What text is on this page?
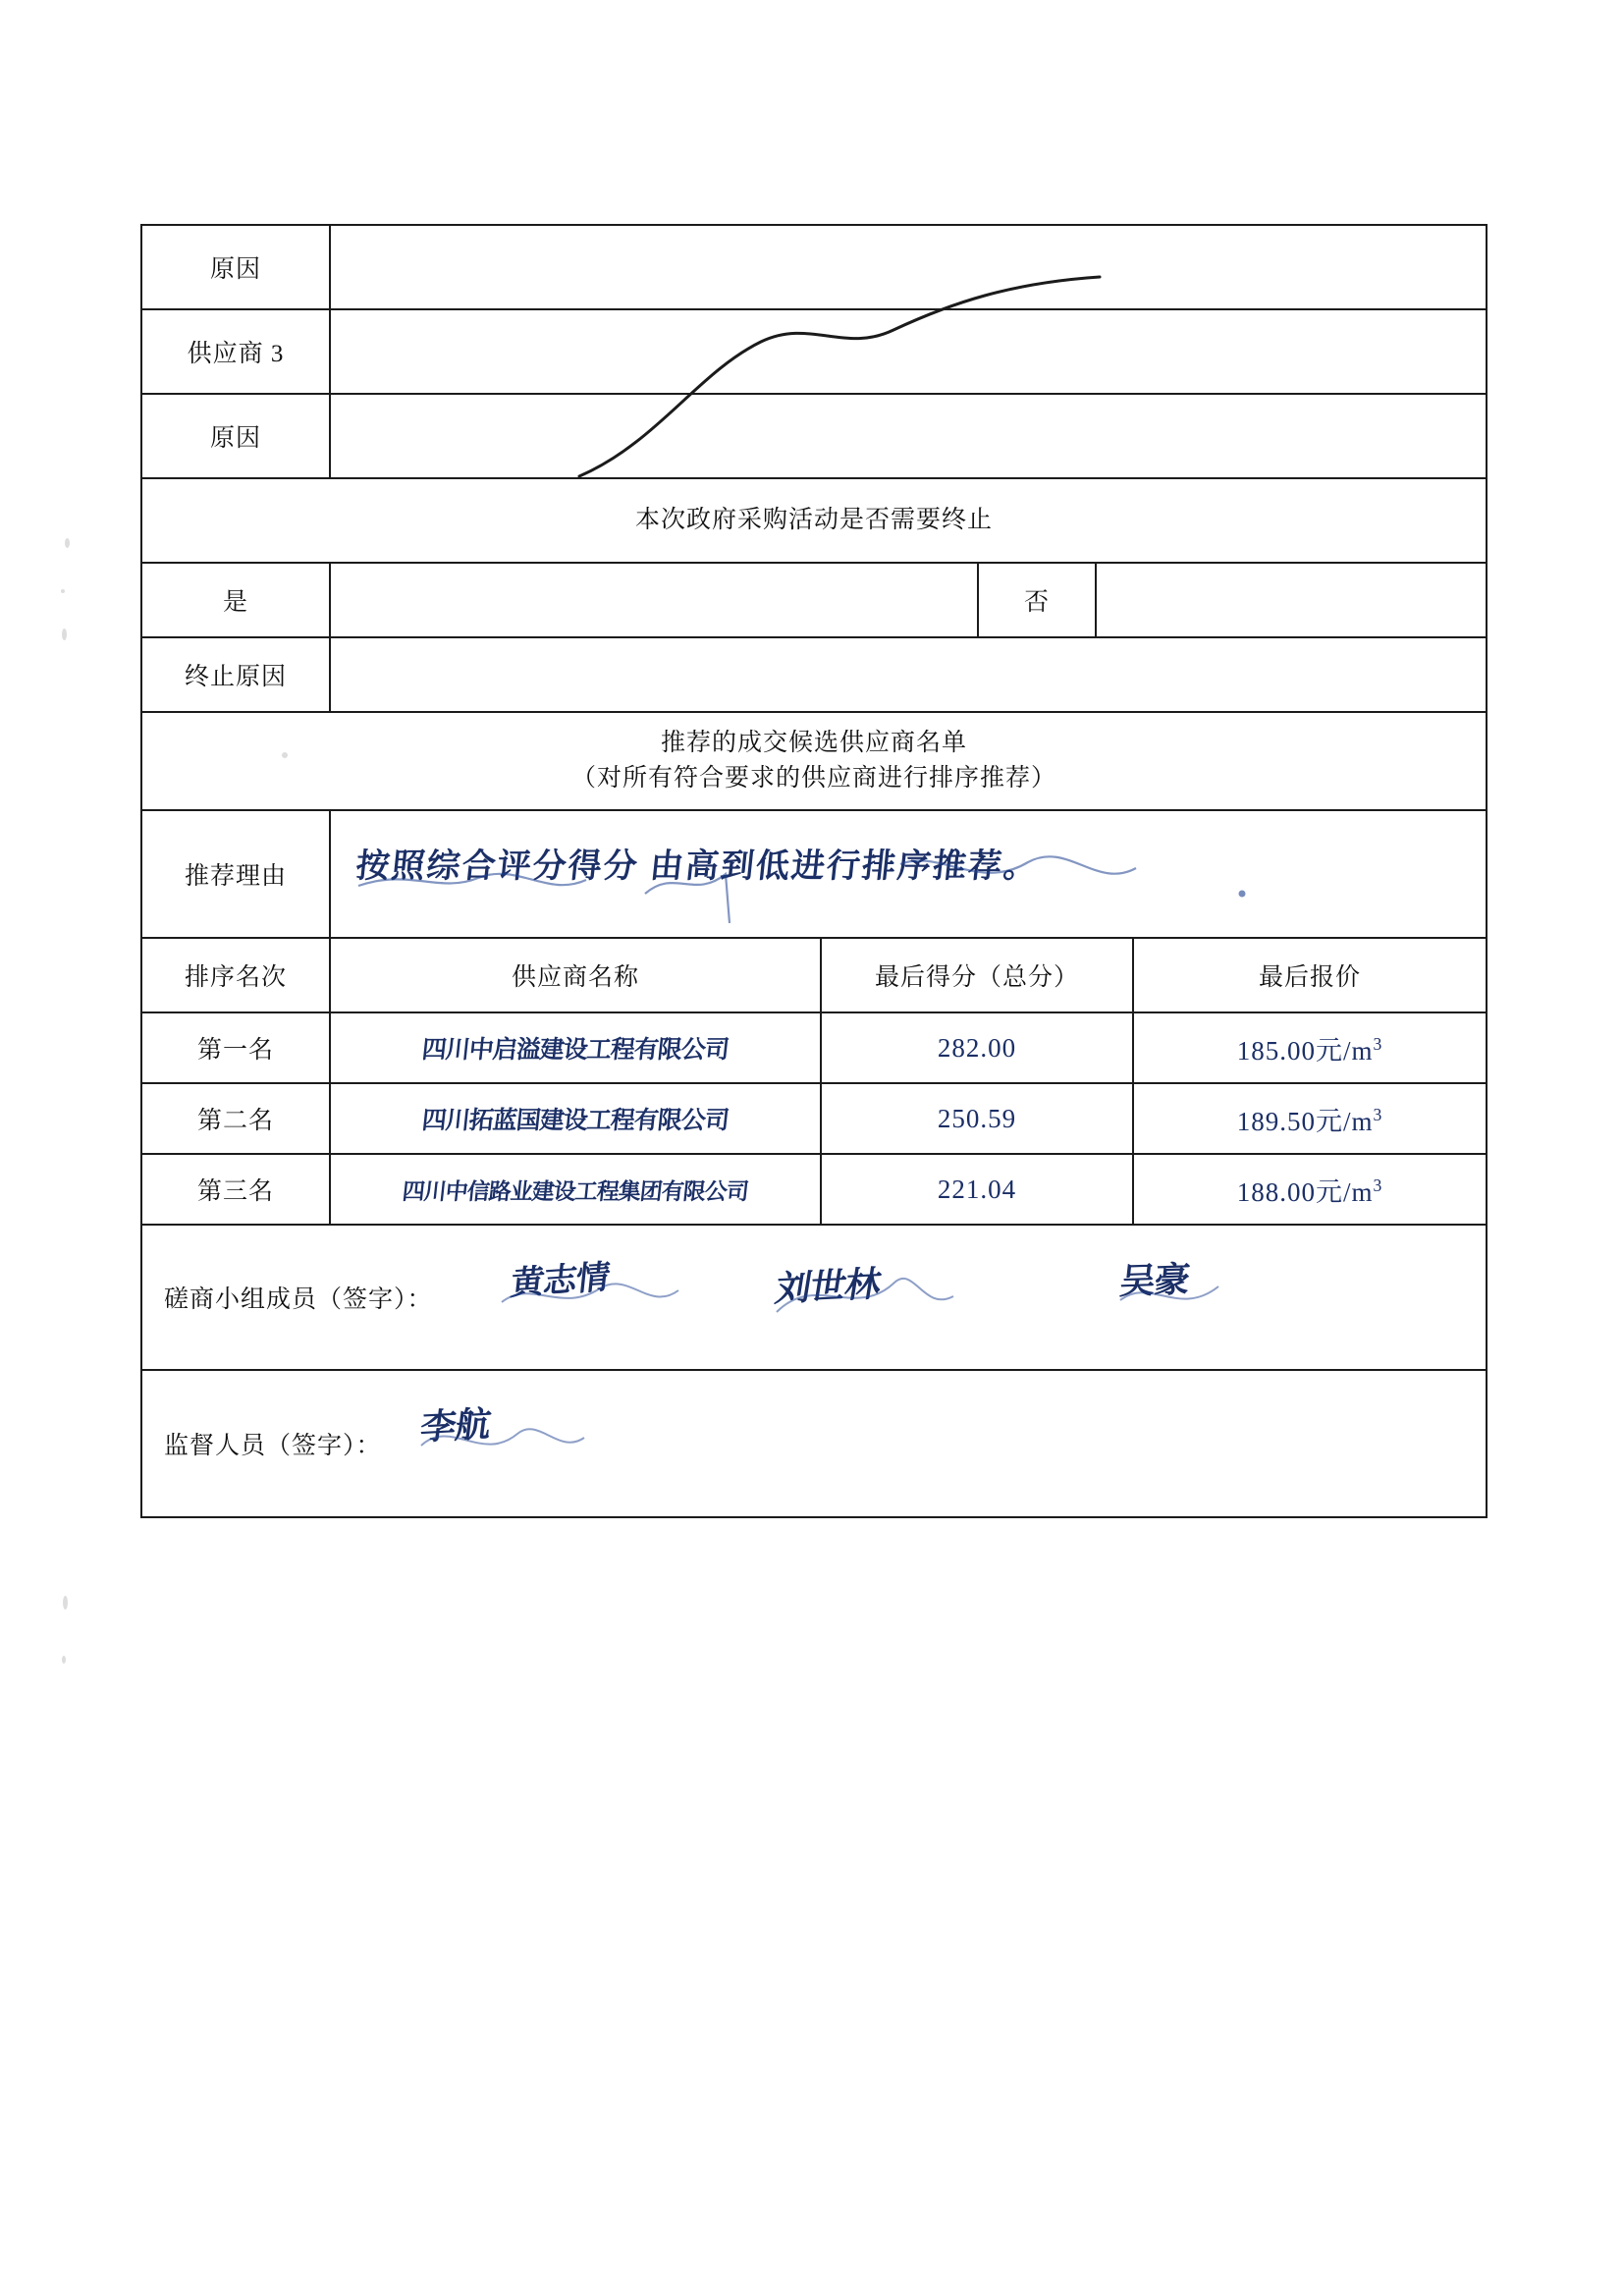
原因
供应商 3
原因
本次政府采购活动是否需要终止
是	否
终止原因
推荐的成交候选供应商名单
（对所有符合要求的供应商进行排序推荐）
推荐理由	按照综合评分得分 由高到低进行排序推荐。
排序名次	供应商名称	最后得分（总分）	最后报价
第一名	四川中启溢建设工程有限公司	282.00	185.00元$/m^3$
第二名	四川拓蓝国建设工程有限公司	250.59	189.50元$/m^3$
第三名	四川中信路业建设工程集团有限公司	221.04	188.00元$/m^3$
磋商小组成员（签字）： 黄志情	刘世林	吴豪
监督人员（签字）： 李航
